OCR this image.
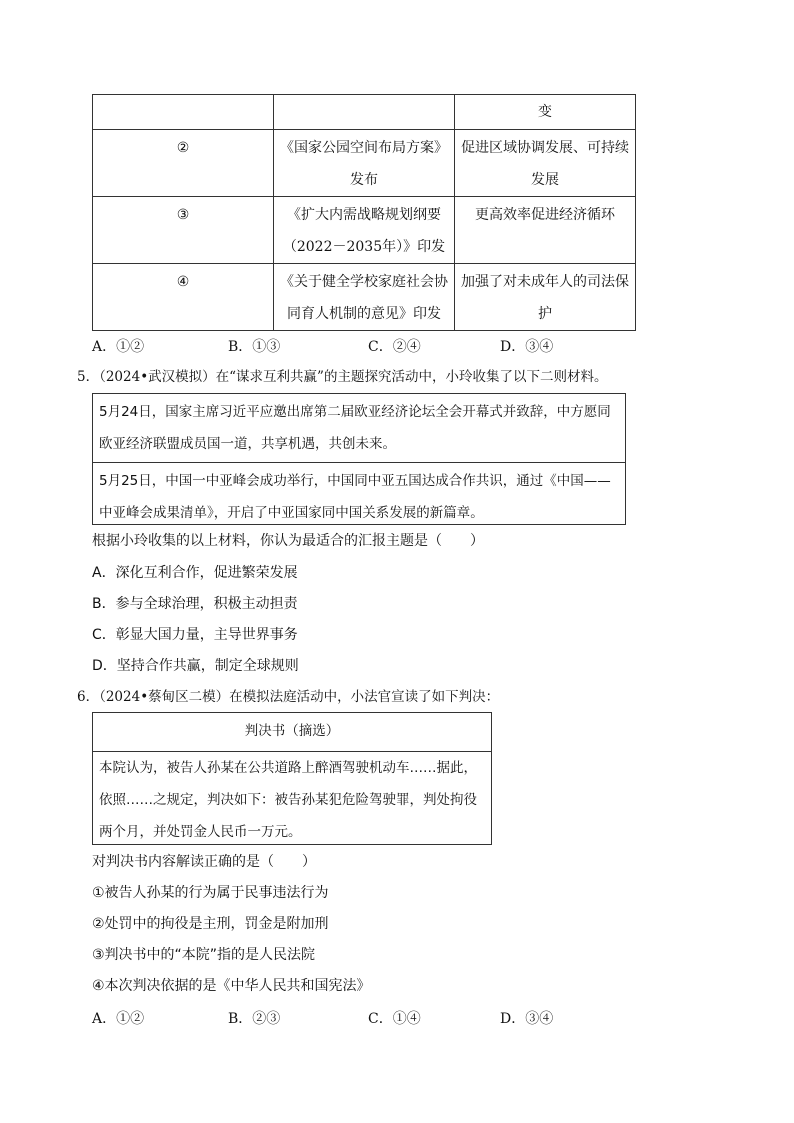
		变
②	《国家公园空间布局方案》发布	促进区域协调发展、可持续发展
③	《扩大内需战略规划纲要（2022－2035年）》印发	更高效率促进经济循环
④	《关于健全学校家庭社会协同育人机制的意见》印发	加强了对未成年人的司法保护
A．①②	B．①③	C．②④	D．③④
5．（2024•武汉模拟）在“谋求互利共赢”的主题探究活动中，小玲收集了以下二则材料。
5月24日，国家主席习近平应邀出席第二届欧亚经济论坛全会开幕式并致辞，中方愿同欧亚经济联盟成员国一道，共享机遇，共创未来。
5月25日，中国一中亚峰会成功举行，中国同中亚五国达成合作共识，通过《中国——中亚峰会成果清单》，开启了中亚国家同中国关系发展的新篇章。
根据小玲收集的以上材料，你认为最适合的汇报主题是（　　）
A．深化互利合作，促进繁荣发展
B．参与全球治理，积极主动担责
C．彰显大国力量，主导世界事务
D．坚持合作共赢，制定全球规则
6．（2024•蔡甸区二模）在模拟法庭活动中，小法官宣读了如下判决：
判决书（摘选）
本院认为，被告人孙某在公共道路上醉酒驾驶机动车……据此，依照……之规定，判决如下：被告孙某犯危险驾驶罪，判处拘役两个月，并处罚金人民币一万元。
对判决书内容解读正确的是（　　）
①被告人孙某的行为属于民事违法行为
②处罚中的拘役是主刑，罚金是附加刑
③判决书中的“本院”指的是人民法院
④本次判决依据的是《中华人民共和国宪法》
A．①②	B．②③	C．①④	D．③④
